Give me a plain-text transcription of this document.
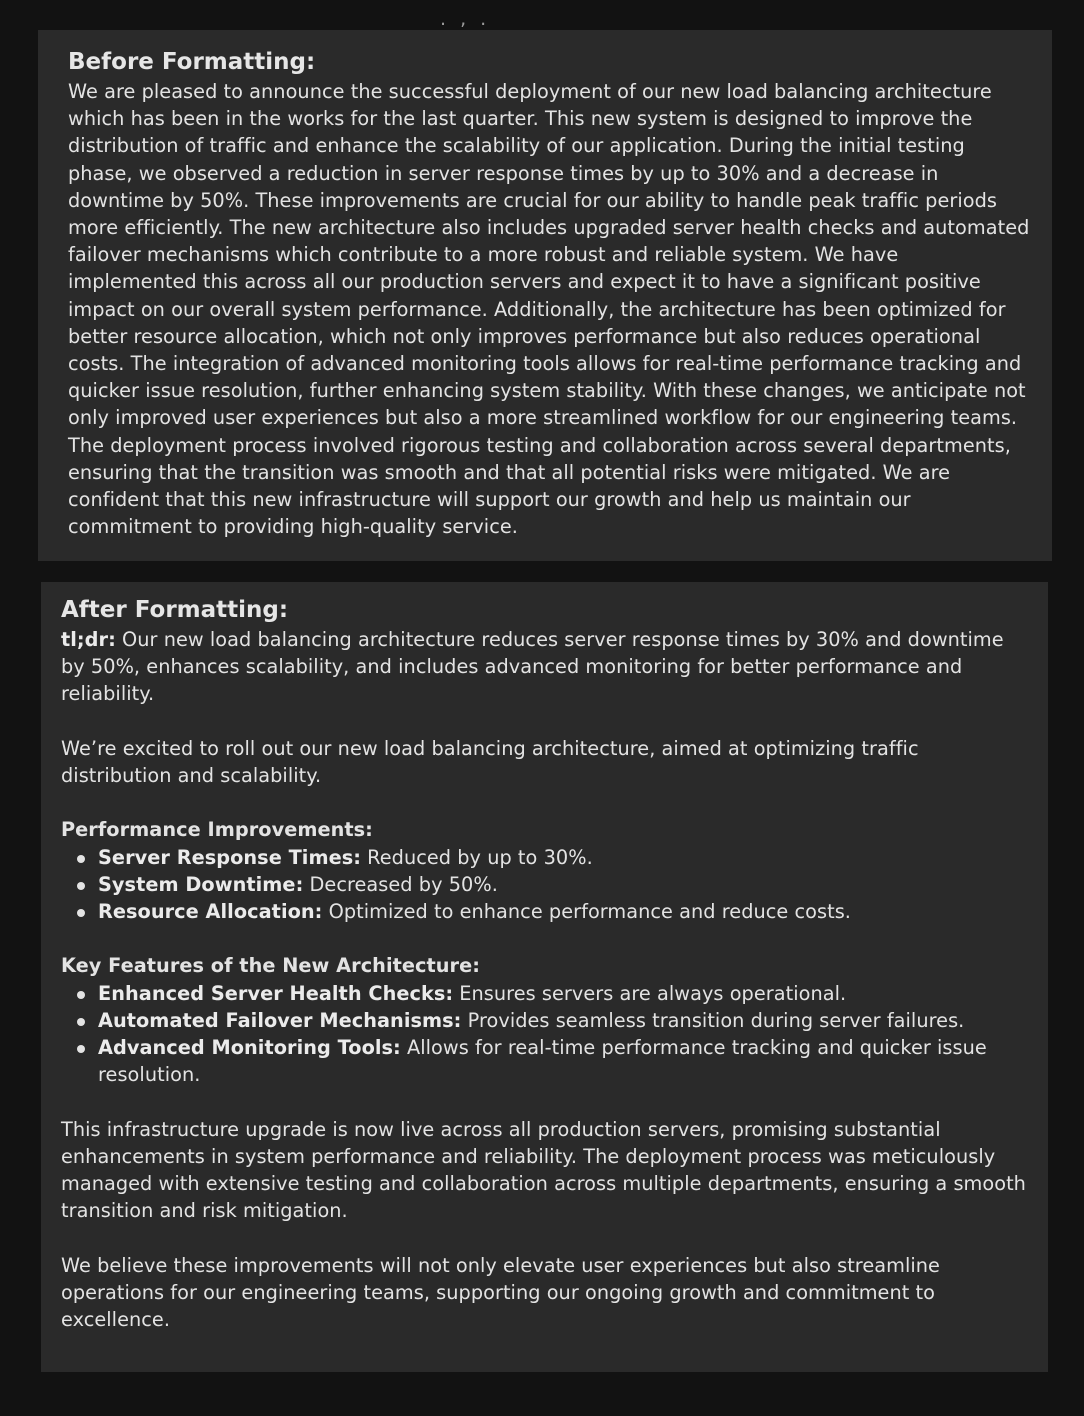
. , .
Before Formatting:

We are pleased to announce the successful deployment of our new load balancing architecture which has been in the works for the last quarter. This new system is designed to improve the distribution of traffic and enhance the scalability of our application. During the initial testing phase, we observed a reduction in server response times by up to 30% and a decrease in downtime by 50%. These improvements are crucial for our ability to handle peak traffic periods more efficiently. The new architecture also includes upgraded server health checks and automated failover mechanisms which contribute to a more robust and reliable system. We have implemented this across all our production servers and expect it to have a significant positive impact on our overall system performance. Additionally, the architecture has been optimized for better resource allocation, which not only improves performance but also reduces operational costs. The integration of advanced monitoring tools allows for real-time performance tracking and quicker issue resolution, further enhancing system stability. With these changes, we anticipate not only improved user experiences but also a more streamlined workflow for our engineering teams. The deployment process involved rigorous testing and collaboration across several departments, ensuring that the transition was smooth and that all potential risks were mitigated. We are confident that this new infrastructure will support our growth and help us maintain our commitment to providing high-quality service.

After Formatting:

tl;dr: Our new load balancing architecture reduces server response times by 30% and downtime by 50%, enhances scalability, and includes advanced monitoring for better performance and reliability.

We’re excited to roll out our new load balancing architecture, aimed at optimizing traffic distribution and scalability.

Performance Improvements:
Server Response Times: Reduced by up to 30%.
System Downtime: Decreased by 50%.
Resource Allocation: Optimized to enhance performance and reduce costs.
Key Features of the New Architecture:
Enhanced Server Health Checks: Ensures servers are always operational.
Automated Failover Mechanisms: Provides seamless transition during server failures.
Advanced Monitoring Tools: Allows for real-time performance tracking and quicker issue resolution.

This infrastructure upgrade is now live across all production servers, promising substantial enhancements in system performance and reliability. The deployment process was meticulously managed with extensive testing and collaboration across multiple departments, ensuring a smooth transition and risk mitigation.

We believe these improvements will not only elevate user experiences but also streamline operations for our engineering teams, supporting our ongoing growth and commitment to excellence.
